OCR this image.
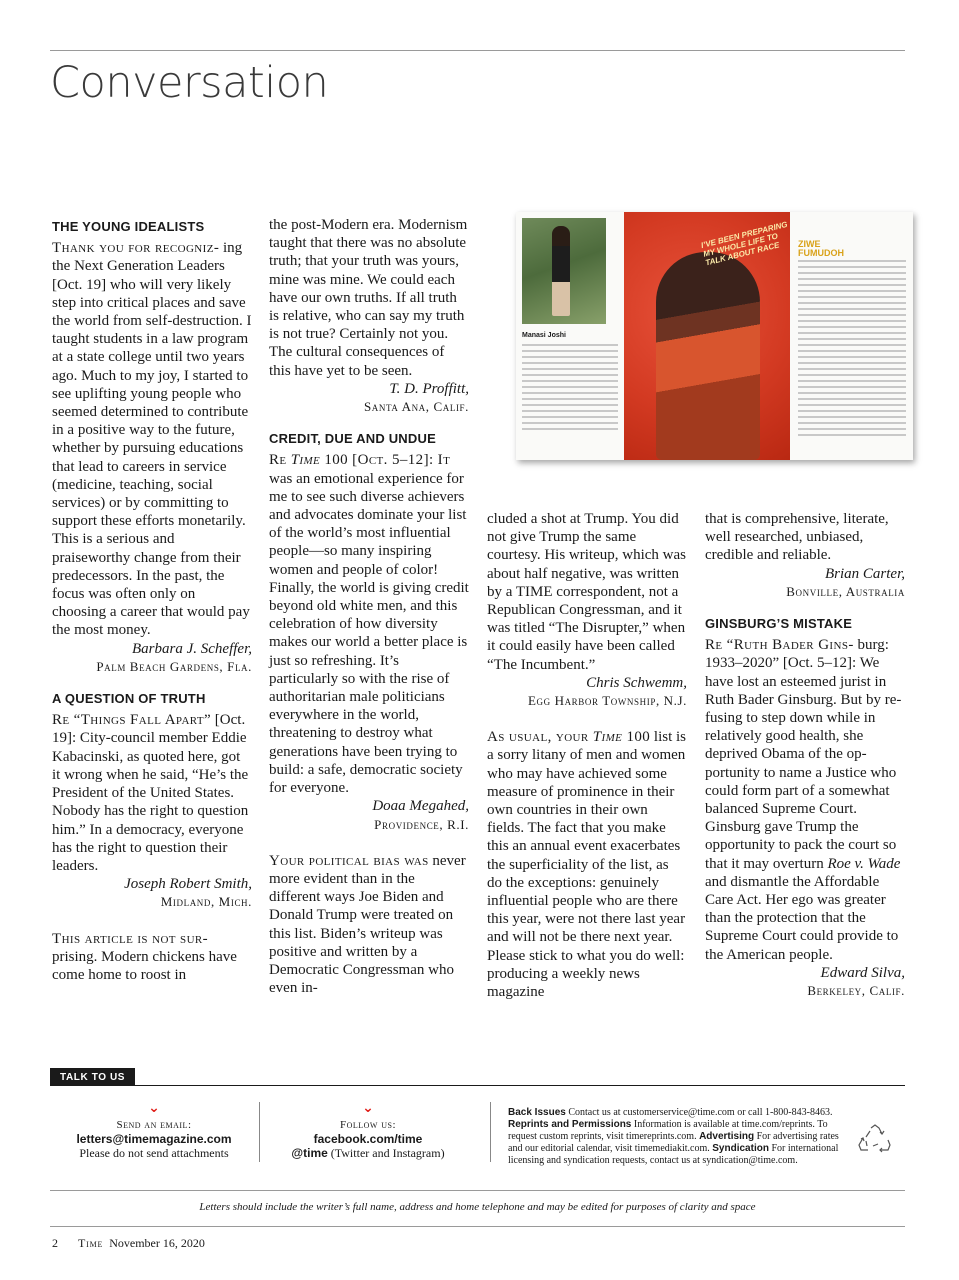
Conversation
THE YOUNG IDEALISTS

Thank you for recogniz- ing the Next Generation Leaders [Oct. 19] who will very likely step into critical places and save the world from self-destruction. I taught students in a law program at a state college until two years ago. Much to my joy, I started to see uplifting young people who seemed determined to contribute in a positive way to the future, whether by pursuing educations that lead to careers in service (medicine, teaching, social services) or by committing to support these efforts monetarily. This is a serious and praiseworthy change from their predecessors. In the past, the focus was often only on choosing a career that would pay the most money.

Barbara J. Scheffer,
Palm Beach Gardens, Fla.
A QUESTION OF TRUTH

Re “Things Fall Apart” [Oct. 19]: City-council member Eddie Kabacinski, as quoted here, got it wrong when he said, “He’s the President of the United States. Nobody has the right to question him.” In a democracy, everyone has the right to question their leaders.

Joseph Robert Smith,
Midland, Mich.

This article is not sur- prising. Modern chickens have come home to roost in

the post-Modern era. Modernism taught that there was no absolute truth; that your truth was yours, mine was mine. We could each have our own truths. If all truth is relative, who can say my truth is not true? Certainly not you. The cultural consequences of this have yet to be seen.

T. D. Proffitt,
Santa Ana, Calif.
CREDIT, DUE AND UNDUE

Re Time 100 [Oct. 5–12]: It was an emotional experience for me to see such diverse achievers and advocates dominate your list of the world’s most influential people—so many inspiring women and people of color! Finally, the world is giving credit beyond old white men, and this celebration of how diversity makes our world a better place is just so refreshing. It’s particularly so with the rise of authoritarian male politicians everywhere in the world, threatening to destroy what generations have been trying to build: a safe, democratic society for everyone.

Doaa Megahed,
Providence, R.I.

Your political bias was never more evident than in the different ways Joe Biden and Donald Trump were treated on this list. Biden’s writeup was positive and written by a Democratic Congressman who even in-

Manasi Joshi
I’VE BEEN PREPARING MY WHOLE LIFE TO TALK ABOUT RACE	ZIWE
FUMUDOH

cluded a shot at Trump. You did not give Trump the same courtesy. His writeup, which was about half negative, was written by a TIME correspondent, not a Republican Congressman, and it was titled “The Disrupter,” when it could easily have been called “The Incumbent.”

Chris Schwemm,
Egg Harbor Township, N.J.

As usual, your Time 100 list is a sorry litany of men and women who may have achieved some measure of prominence in their own countries in their own fields. The fact that you make this an annual event exacerbates the superficiality of the list, as do the exceptions: genuinely influential people who are there this year, were not there last year and will not be there next year. Please stick to what you do well: producing a weekly news magazine

that is comprehensive, literate, well researched, unbiased, credible and reliable.

Brian Carter,
Bonville, Australia
GINSBURG’S MISTAKE

Re “Ruth Bader Gins- burg: 1933–2020” [Oct. 5–12]: We have lost an esteemed jurist in Ruth Bader Ginsburg. But by refusing to step down while in relatively good health, she deprived Obama of the opportunity to name a Justice who could form part of a somewhat balanced Supreme Court. Ginsburg gave Trump the opportunity to pack the court so that it may overturn Roe v. Wade and dismantle the Affordable Care Act. Her ego was greater than the protection that the Supreme Court could provide to the American people.

Edward Silva,
Berkeley, Calif.
TALK TO US
⌄
Send an email:
letters@timemagazine.com
Please do not send attachments
⌄
Follow us:
facebook.com/time
@time (Twitter and Instagram)
Back Issues Contact us at customerservice@time.com or call 1-800-843-8463. Reprints and Permissions Information is available at time.com/reprints. To request custom reprints, visit timereprints.com. Advertising For advertising rates and our editorial calendar, visit timemediakit.com. Syndication For international licensing and syndication requests, contact us at syndication@time.com.
Letters should include the writer’s full name, address and home telephone and may be edited for purposes of clarity and space
2 Time November 16, 2020
